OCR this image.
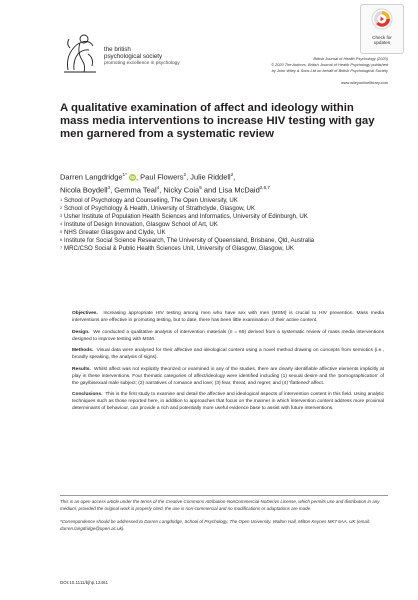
the british
psychological society
promoting excellence in psychology
Check for
updates
British Journal of Health Psychology (2020)
© 2020 The Authors. British Journal of Health Psychology published
by John Wiley & Sons Ltd on behalf of British Psychological Society
www.wileyonlinelibrary.com
A qualitative examination of affect and ideology within mass media interventions to increase HIV testing with gay men garnered from a systematic review
Darren Langdridge$^{1*}$ iD, Paul Flowers$^2$, Julie Riddell$^2$,
Nicola Boydell$^3$, Gemma Teal$^4$, Nicky Coia$^5$ and Lisa McDaid$^{2,6,7}$
1 School of Psychology and Counselling, The Open University, UK
2 School of Psychology & Health, University of Strathclyde, Glasgow, UK
3 Usher Institute of Population Health Sciences and Informatics, University of Edinburgh, UK
4 Institute of Design Innovation, Glasgow School of Art, UK
5 NHS Greater Glasgow and Clyde, UK
6 Institute for Social Science Research, The University of Queensland, Brisbane, Qld, Australia
7 MRC/CSO Social & Public Health Sciences Unit, University of Glasgow, Glasgow, UK

Objectives. Increasing appropriate HIV testing among men who have sex with men (MSM) is crucial to HIV prevention. Mass media interventions are effective in promoting testing, but to date, there has been little examination of their active content.

Design. We conducted a qualitative analysis of intervention materials (n = 69) derived from a systematic review of mass media interventions designed to improve testing with MSM.

Methods. Visual data were analysed for their affective and ideological content using a novel method drawing on concepts from semiotics (i.e., broadly speaking, the analysis of signs).

Results. Whilst affect was not explicitly theorized or examined in any of the studies, there are clearly identifiable affective elements implicitly at play in these interventions. Four thematic categories of affect/ideology were identified including (1) sexual desire and the 'pornographication' of the gay/bisexual male subject; (2) narratives of romance and love; (3) fear, threat, and regret; and (4) 'flattened' affect.

Conclusions. This is the first study to examine and detail the affective and ideological aspects of intervention content in this field. Using analytic techniques such as those reported here, in addition to approaches that focus on the manner in which intervention content address more proximal determinants of behaviour, can provide a rich and potentially more useful evidence base to assist with future interventions.

This is an open access article under the terms of the Creative Commons Attribution-NonCommercial-NoDerivs License, which permits use and distribution in any medium, provided the original work is properly cited, the use is non-commercial and no modifications or adaptations are made.

*Correspondence should be addressed to Darren Langdridge, School of Psychology, The Open University, Walton Hall, Milton Keynes MK7 6AA, UK (email: darren.langdridge@open.ac.uk).

DOI:10.1111/bjhp.12461
